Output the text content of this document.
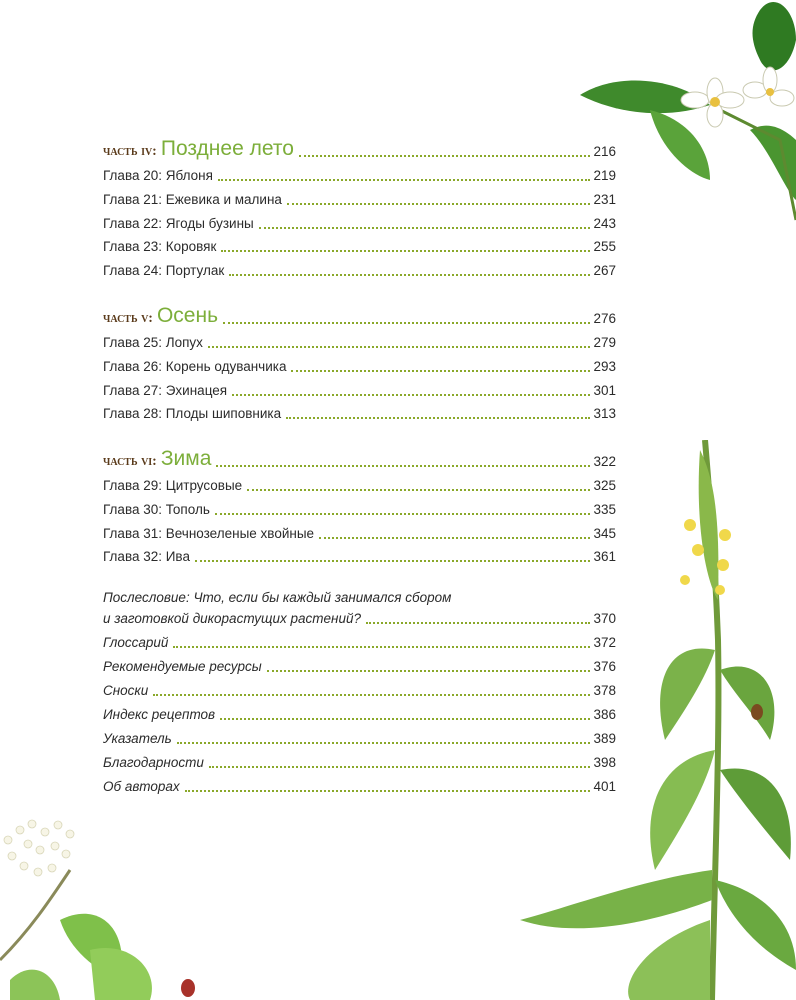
часть iv: Позднее лето	216
Глава 20: Яблоня	219
Глава 21: Ежевика и малина	231
Глава 22: Ягоды бузины	243
Глава 23: Коровяк	255
Глава 24: Портулак	267
часть v: Осень	276
Глава 25: Лопух	279
Глава 26: Корень одуванчика	293
Глава 27: Эхинацея	301
Глава 28: Плоды шиповника	313
часть vi: Зима	322
Глава 29: Цитрусовые	325
Глава 30: Тополь	335
Глава 31: Вечнозеленые хвойные	345
Глава 32: Ива	361
Послесловие: Что, если бы каждый занимался сбором
и заготовкой дикорастущих растений?	370
Глоссарий	372
Рекомендуемые ресурсы	376
Сноски	378
Индекс рецептов	386
Указатель	389
Благодарности	398
Об авторах	401
